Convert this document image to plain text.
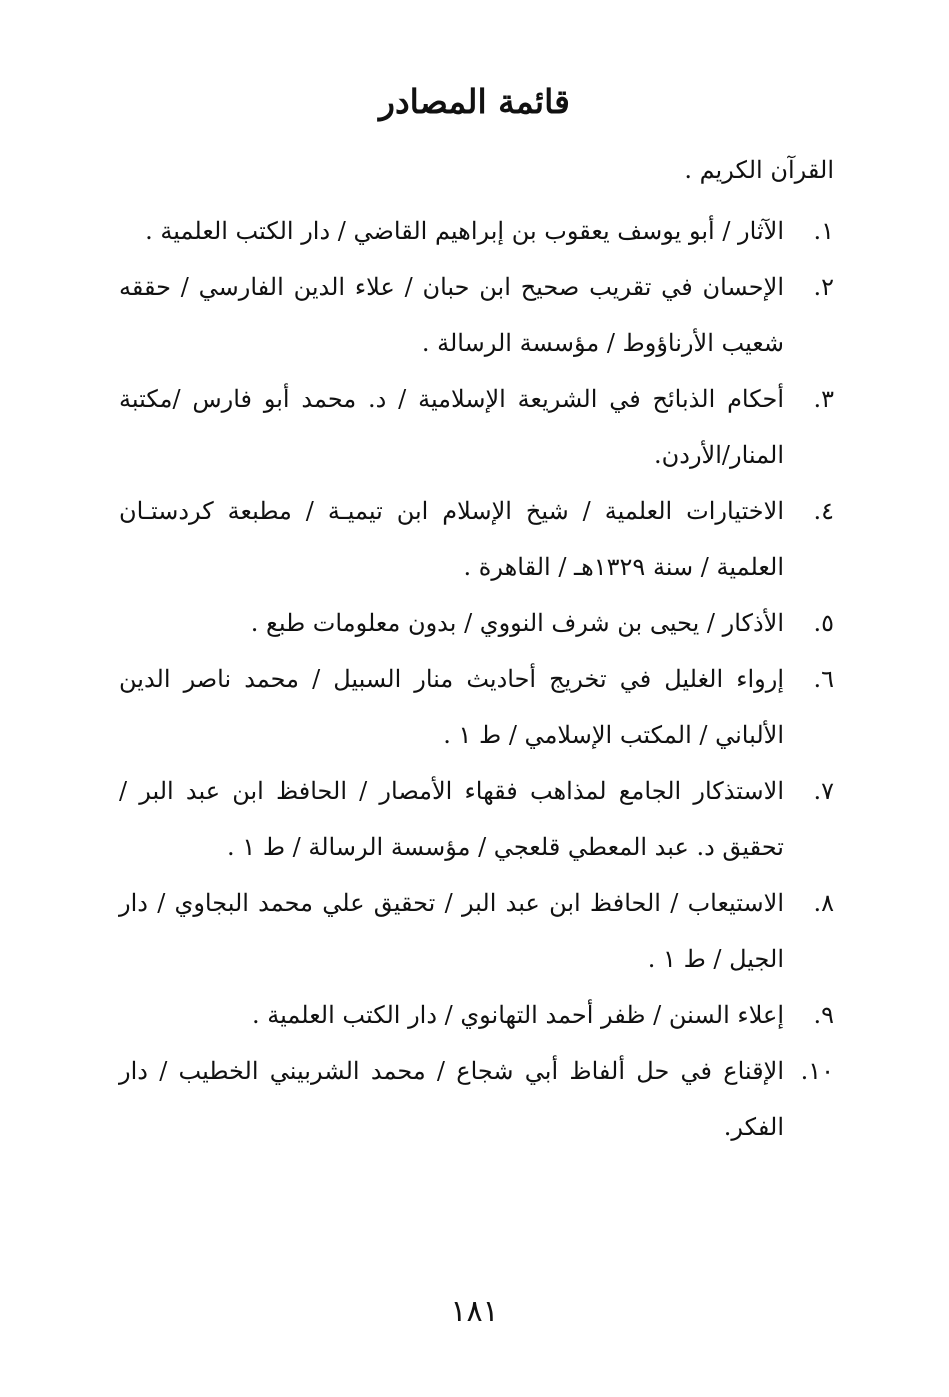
قائمة المصادر
القرآن الكريم .
١.
الآثار / أبو يوسف يعقوب بن إبراهيم القاضي / دار الكتب العلمية .
٢.
الإحسان في تقريب صحيح ابن حبان / علاء الدين الفارسي / حققه شعيب الأرناؤوط / مؤسسة الرسالة .
٣.
أحكام الذبائح في الشريعة الإسلامية / د. محمد أبو فارس /مكتبة المنار/الأردن.
٤.
الاختيارات العلمية / شيخ الإسلام ابن تيميـة / مطبعة كردستـان العلمية / سنة ١٣٢٩هـ / القاهرة .
٥.
الأذكار / يحيى بن شرف النووي / بدون معلومات طبع .
٦.
إرواء الغليل في تخريج أحاديث منار السبيل / محمد ناصر الدين الألباني / المكتب الإسلامي / ط ١ .
٧.
الاستذكار الجامع لمذاهب فقهاء الأمصار / الحافظ ابن عبد البر / تحقيق د. عبد المعطي قلعجي / مؤسسة الرسالة / ط ١ .
٨.
الاستيعاب / الحافظ ابن عبد البر / تحقيق علي محمد البجاوي / دار الجيل / ط ١ .
٩.
إعلاء السنن / ظفر أحمد التهانوي / دار الكتب العلمية .
١٠.
الإقناع في حل ألفاظ أبي شجاع / محمد الشربيني الخطيب / دار الفكر.
١٨١
